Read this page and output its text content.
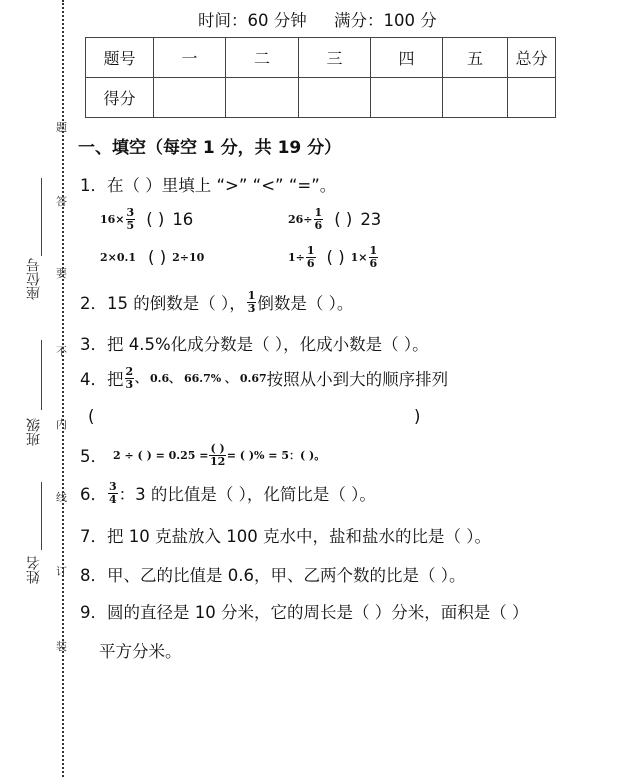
题
答
要
不
内
线
订
装
座位号
班级
姓名
时间：60 分钟 满分：100 分
题号	一	二	三	四	五	总分
得分						
一、填空（每空 1 分，共 19 分）
1．在（ ）里填上 “>” “<” “=”。
$16\times \frac{3}{5}$ ( ) 16	$26\div \frac{1}{6}$ ( ) 23
2×0.1 ( ) 2÷10	$1\div \frac{1}{6}$ ( ) $1\times \frac{1}{6}$
2．15 的倒数是（ ）， $\frac{1}{3}$ 倒数是（ ）。
3．把 4.5%化成分数是（ ），化成小数是（ ）。
4．把 $\frac{2}{3}$ 、 0.6、 66.7% 、 0.67 按照从小到大的顺序排列
(	)
5． 2 ÷ ( ) = $0.25 = \frac{( )}{12}$ = ( )% = 5：( )。
6． $\frac{3}{4}$ ：3 的比值是（ ），化简比是（ ）。
7．把 10 克盐放入 100 克水中，盐和盐水的比是（ ）。
8．甲、乙的比值是 0.6，甲、乙两个数的比是（ ）。
9．圆的直径是 10 分米，它的周长是（ ）分米，面积是（ ）
平方分米。
